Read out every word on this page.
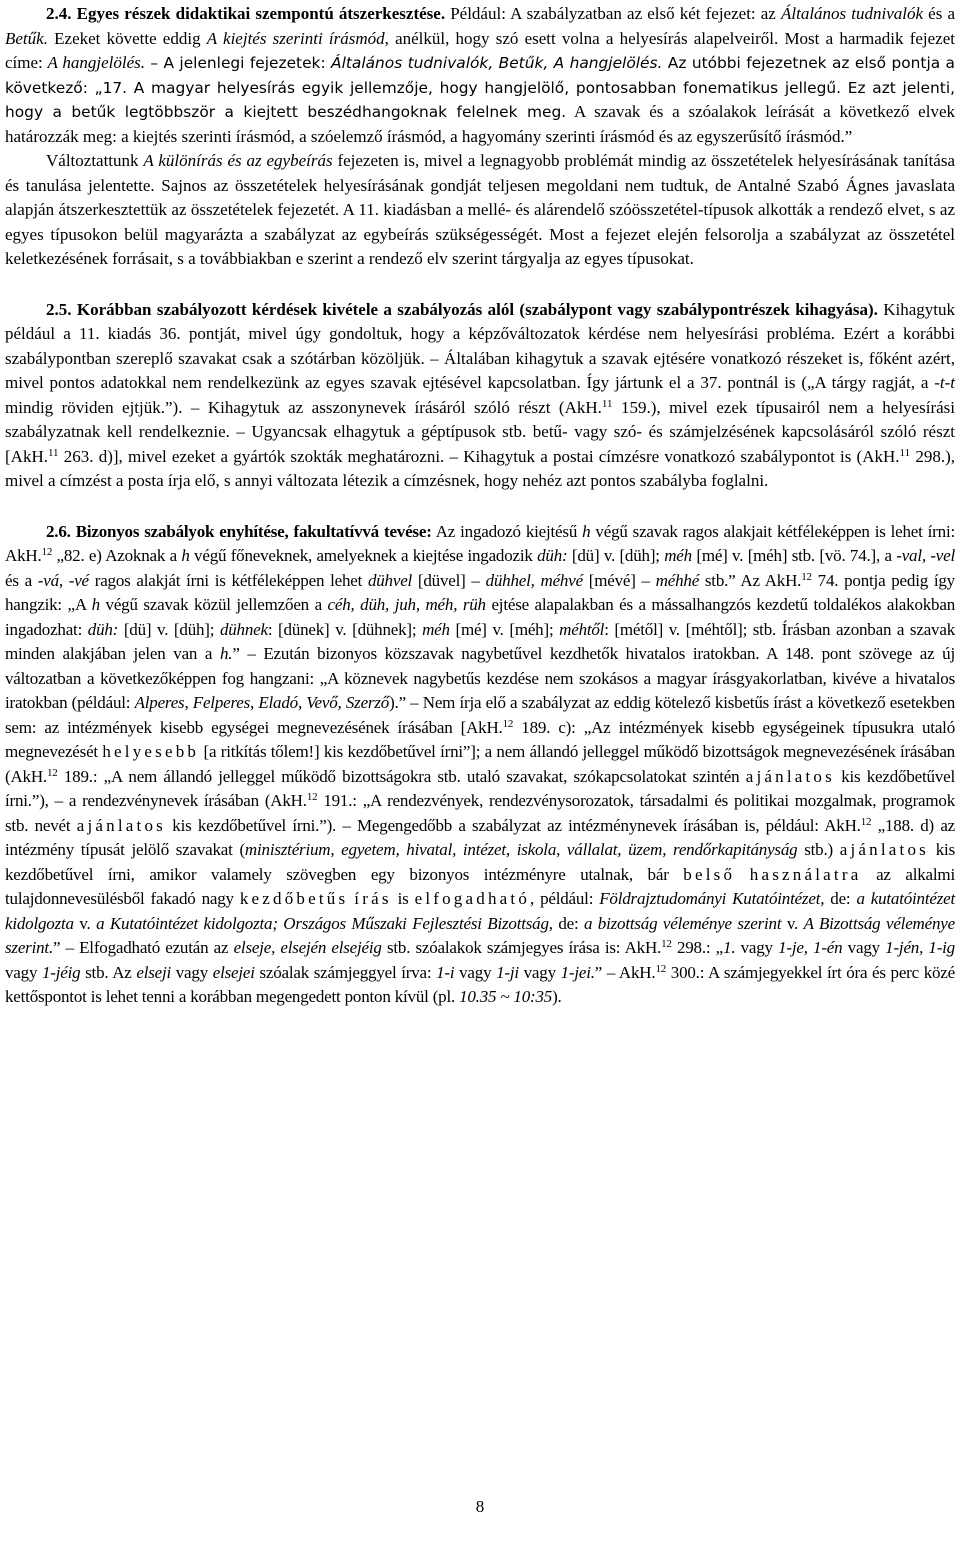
2.4. Egyes részek didaktikai szempontú átszerkesztése. Például: A szabályzatban az első két fejezet: az Általános tudnivalók és a Betűk. Ezeket követte eddig A kiejtés szerinti írásmód, anélkül, hogy szó esett volna a helyesírás alapelveiről. Most a harmadik fejezet címe: A hangjelölés. – A jelenlegi fejezetek: Általános tudnivalók, Betűk, A hangjelölés. Az utóbbi fejezetnek az első pontja a következő: „17. A magyar helyesírás egyik jellemzője, hogy hangjelölő, pontosabban fonematikus jellegű. Ez azt jelenti, hogy a betűk legtöbbször a kiejtett beszédhangoknak felelnek meg. A szavak és a szóalakok leírását a következő elvek határozzák meg: a kiejtés szerinti írásmód, a szóelemző írásmód, a hagyomány szerinti írásmód és az egyszerűsítő írásmód.”

Változtattunk A különírás és az egybeírás fejezeten is, mivel a legnagyobb problémát mindig az összetételek helyesírásának tanítása és tanulása jelentette. Sajnos az összetételek helyesírásának gondját teljesen megoldani nem tudtuk, de Antalné Szabó Ágnes javaslata alapján átszerkesztettük az összetételek fejezetét. A 11. kiadásban a mellé- és alárendelő szóösszetétel-típusok alkották a rendező elvet, s az egyes típusokon belül magyarázta a szabályzat az egybeírás szükségességét. Most a fejezet elején felsorolja a szabályzat az összetétel keletkezésének forrásait, s a továbbiakban e szerint a rendező elv szerint tárgyalja az egyes típusokat.

2.5. Korábban szabályozott kérdések kivétele a szabályozás alól (szabálypont vagy szabálypontrészek kihagyása). Kihagytuk például a 11. kiadás 36. pontját, mivel úgy gondoltuk, hogy a képzőváltozatok kérdése nem helyesírási probléma. Ezért a korábbi szabálypontban szereplő szavakat csak a szótárban közöljük. – Általában kihagytuk a szavak ejtésére vonatkozó részeket is, főként azért, mivel pontos adatokkal nem rendelkezünk az egyes szavak ejtésével kapcsolatban. Így jártunk el a 37. pontnál is („A tárgy ragját, a -t-t mindig röviden ejtjük.”). – Kihagytuk az asszonynevek írásáról szóló részt (AkH.$^{11}$ 159.), mivel ezek típusairól nem a helyesírási szabályzatnak kell rendelkeznie. – Ugyancsak elhagytuk a géptípusok stb. betű- vagy szó- és számjelzésének kapcsolásáról szóló részt [AkH.$^{11}$ 263. d)], mivel ezeket a gyártók szokták meghatározni. – Kihagytuk a postai címzésre vonatkozó szabálypontot is (AkH.$^{11}$ 298.), mivel a címzést a posta írja elő, s annyi változata létezik a címzésnek, hogy nehéz azt pontos szabályba foglalni.

2.6. Bizonyos szabályok enyhítése, fakultatívvá tevése: Az ingadozó kiejtésű h végű szavak ragos alakjait kétféleképpen is lehet írni: AkH.$^{12}$ „82. e) Azoknak a h végű főneveknek, amelyeknek a kiejtése ingadozik düh: [dü] v. [düh]; méh [mé] v. [méh] stb. [vö. 74.], a -val, -vel és a -vá, -vé ragos alakját írni is kétféleképpen lehet dühvel [düvel] – dühhel, méhvé [mévé] – méhhé stb.” Az AkH.$^{12}$ 74. pontja pedig így hangzik: „A h végű szavak közül jellemzően a céh, düh, juh, méh, rüh ejtése alapalakban és a mássalhangzós kezdetű toldalékos alakokban ingadozhat: düh: [dü] v. [düh]; dühnek: [dünek] v. [dühnek]; méh [mé] v. [méh]; méhtől: [métől] v. [méhtől]; stb. Írásban azonban a szavak minden alakjában jelen van a h.” – Ezután bizonyos közszavak nagybetűvel kezdhetők hivatalos iratokban. A 148. pont szövege az új változatban a következőképpen fog hangzani: „A köznevek nagybetűs kezdése nem szokásos a magyar írásgyakorlatban, kivéve a hivatalos iratokban (például: Alperes, Felperes, Eladó, Vevő, Szerző).” – Nem írja elő a szabályzat az eddig kötelező kisbetűs írást a következő esetekben sem: az intézmények kisebb egységei megnevezésének írásában [AkH.$^{12}$ 189. c): „Az intézmények kisebb egységeinek típusukra utaló megnevezését helyesebb [a ritkítás tőlem!] kis kezdőbetűvel írni”]; a nem állandó jelleggel működő bizottságok megnevezésének írásában (AkH.$^{12}$ 189.: „A nem állandó jelleggel működő bizottságokra stb. utaló szavakat, szókapcsolatokat szintén ajánlatos kis kezdőbetűvel írni.”), – a rendezvénynevek írásában (AkH.$^{12}$ 191.: „A rendezvények, rendezvénysorozatok, társadalmi és politikai mozgalmak, programok stb. nevét ajánlatos kis kezdőbetűvel írni.”). – Megengedőbb a szabályzat az intézménynevek írásában is, például: AkH.$^{12}$ „188. d) az intézmény típusát jelölő szavakat (minisztérium, egyetem, hivatal, intézet, iskola, vállalat, üzem, rendőrkapitányság stb.) ajánlatos kis kezdőbetűvel írni, amikor valamely szövegben egy bizonyos intézményre utalnak, bár belső használatra az alkalmi tulajdonnevesülésből fakadó nagy kezdőbetűs írás is elfogadható, például: Földrajztudományi Kutatóintézet, de: a kutatóintézet kidolgozta v. a Kutatóintézet kidolgozta; Országos Műszaki Fejlesztési Bizottság, de: a bizottság véleménye szerint v. A Bizottság véleménye szerint.” – Elfogadható ezután az elseje, elsején elsejéig stb. szóalakok számjegyes írása is: AkH.$^{12}$ 298.: „1. vagy 1-je, 1-én vagy 1-jén, 1-ig vagy 1-jéig stb. Az elseji vagy elsejei szóalak számjeggyel írva: 1-i vagy 1-ji vagy 1-jei.” – AkH.$^{12}$ 300.: A számjegyekkel írt óra és perc közé kettőspontot is lehet tenni a korábban megengedett ponton kívül (pl. 10.35 ~ 10:35).

8
